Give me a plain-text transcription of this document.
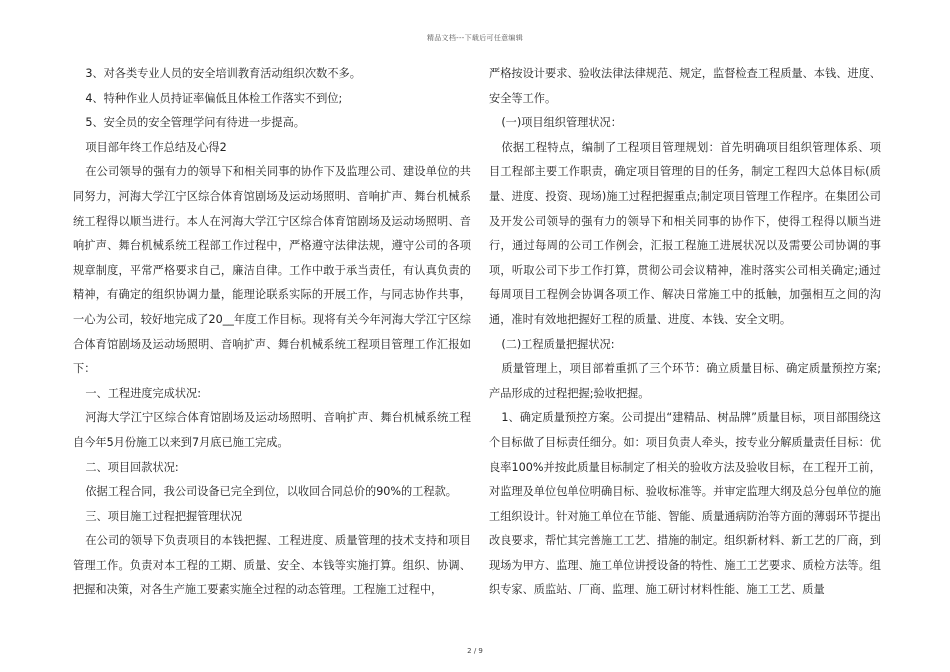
精品文档---下载后可任意编辑

3、对各类专业人员的安全培训教育活动组织次数不多。

4、特种作业人员持证率偏低且体检工作落实不到位;

5、安全员的安全管理学问有待进一步提高。

项目部年终工作总结及心得2

在公司领导的强有力的领导下和相关同事的协作下及监理公司、建设单位的共同努力，河海大学江宁区综合体育馆剧场及运动场照明、音响扩声、舞台机械系统工程得以顺当进行。本人在河海大学江宁区综合体育馆剧场及运动场照明、音响扩声、舞台机械系统工程部工作过程中，严格遵守法律法规，遵守公司的各项规章制度，平常严格要求自己，廉洁自律。工作中敢于承当责任，有认真负责的精神，有确定的组织协调力量，能理论联系实际的开展工作，与同志协作共事，一心为公司，较好地完成了20__年度工作目标。现将有关今年河海大学江宁区综合体育馆剧场及运动场照明、音响扩声、舞台机械系统工程项目管理工作汇报如下：

一、工程进度完成状况:

河海大学江宁区综合体育馆剧场及运动场照明、音响扩声、舞台机械系统工程自今年5月份施工以来到7月底已施工完成。

二、项目回款状况:

依据工程合同，我公司设备已完全到位，以收回合同总价的90%的工程款。

三、项目施工过程把握管理状况

在公司的领导下负责项目的本钱把握、工程进度、质量管理的技术支持和项目管理工作。负责对本工程的工期、质量、安全、本钱等实施打算。组织、协调、把握和决策，对各生产施工要素实施全过程的动态管理。工程施工过程中，

严格按设计要求、验收法律法律规范、规定，监督检查工程质量、本钱、进度、安全等工作。

(一)项目组织管理状况：

依据工程特点，编制了工程项目管理规划：首先明确项目组织管理体系、项目工程部主要工作职责，确定项目管理的目的任务，制定工程四大总体目标(质量、进度、投资、现场)施工过程把握重点;制定项目管理工作程序。在集团公司及开发公司领导的强有力的领导下和相关同事的协作下，使得工程得以顺当进行，通过每周的公司工作例会，汇报工程施工进展状况以及需要公司协调的事项，听取公司下步工作打算，贯彻公司会议精神，准时落实公司相关确定;通过每周项目工程例会协调各项工作、解决日常施工中的抵触，加强相互之间的沟通，准时有效地把握好工程的质量、进度、本钱、安全文明。

(二)工程质量把握状况:

质量管理上，项目部着重抓了三个环节：确立质量目标、确定质量预控方案;产品形成的过程把握;验收把握。

1、确定质量预控方案。公司提出“建精品、树品牌”质量目标，项目部围绕这个目标做了目标责任细分。如：项目负责人牵头，按专业分解质量责任目标：优良率100%并按此质量目标制定了相关的验收方法及验收目标，在工程开工前，对监理及单位包单位明确目标、验收标准等。并审定监理大纲及总分包单位的施工组织设计。针对施工单位在节能、智能、质量通病防治等方面的薄弱环节提出改良要求，帮忙其完善施工工艺、措施的制定。组织新材料、新工艺的厂商，到现场为甲方、监理、施工单位讲授设备的特性、施工工艺要求、质检方法等。组织专家、质监站、厂商、监理、施工研讨材料性能、施工工艺、质量

2 / 9
